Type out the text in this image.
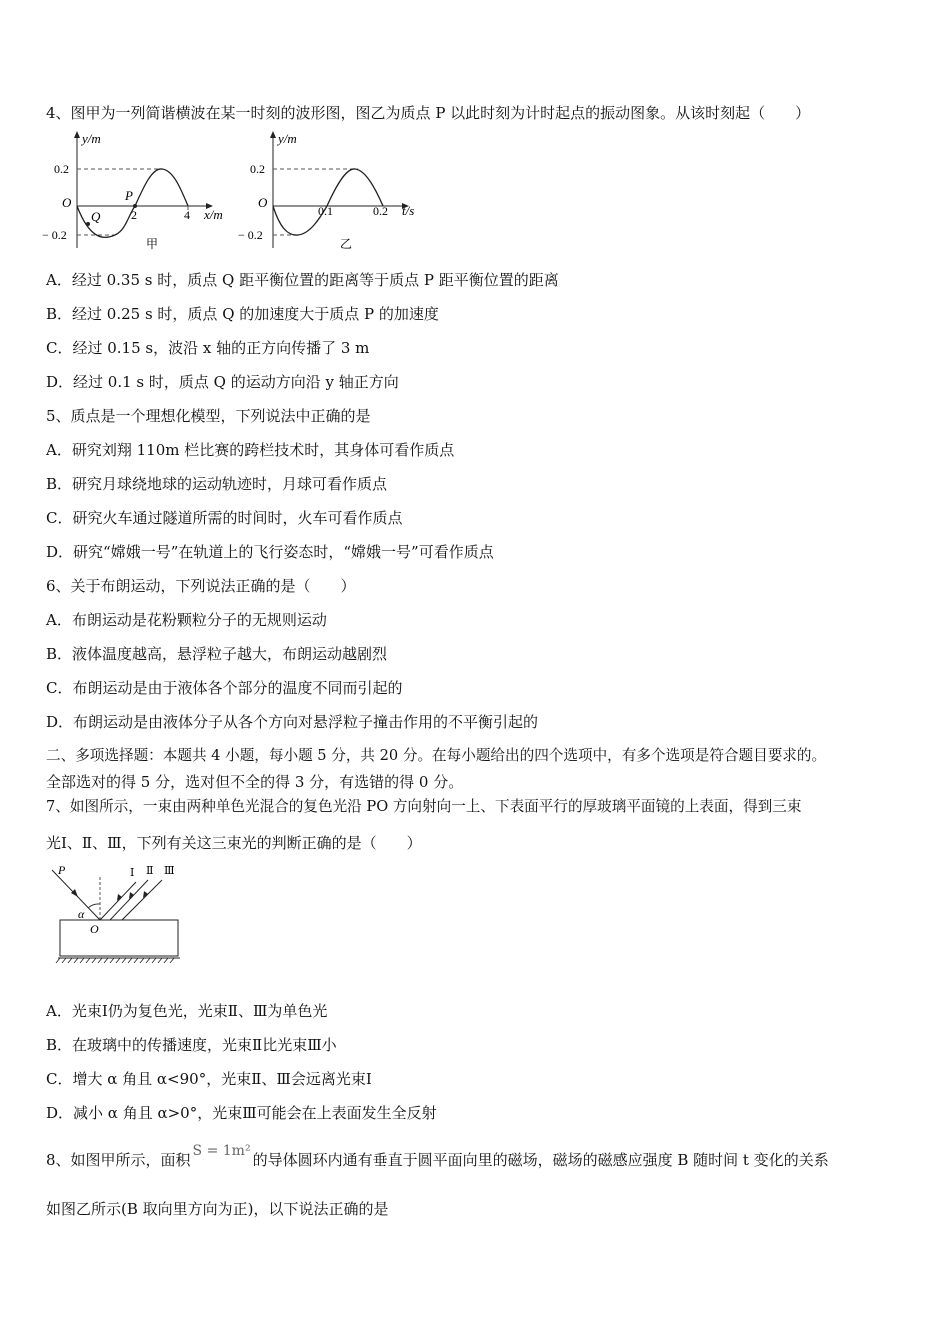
4、图甲为一列简谐横波在某一时刻的波形图，图乙为质点 P 以此时刻为计时起点的振动图象。从该时刻起（　　）
y/m
O
0.2
− 0.2
2	4 x/m
P
Q
甲
y/m
O
0.2
− 0.2
0.1	0.2 t/s
乙
A．经过 0.35 s 时，质点 Q 距平衡位置的距离等于质点 P 距平衡位置的距离
B．经过 0.25 s 时，质点 Q 的加速度大于质点 P 的加速度
C．经过 0.15 s，波沿 x 轴的正方向传播了 3 m
D．经过 0.1 s 时，质点 Q 的运动方向沿 y 轴正方向
5、质点是一个理想化模型，下列说法中正确的是
A．研究刘翔 110m 栏比赛的跨栏技术时，其身体可看作质点
B．研究月球绕地球的运动轨迹时，月球可看作质点
C．研究火车通过隧道所需的时间时，火车可看作质点
D．研究“嫦娥一号”在轨道上的飞行姿态时，“嫦娥一号”可看作质点
6、关于布朗运动，下列说法正确的是（　　）
A．布朗运动是花粉颗粒分子的无规则运动
B．液体温度越高，悬浮粒子越大，布朗运动越剧烈
C．布朗运动是由于液体各个部分的温度不同而引起的
D．布朗运动是由液体分子从各个方向对悬浮粒子撞击作用的不平衡引起的
二、多项选择题：本题共 4 小题，每小题 5 分，共 20 分。在每小题给出的四个选项中，有多个选项是符合题目要求的。
全部选对的得 5 分，选对但不全的得 3 分，有选错的得 0 分。
7、如图所示，一束由两种单色光混合的复色光沿 PO 方向射向一上、下表面平行的厚玻璃平面镜的上表面，得到三束
光Ⅰ、Ⅱ、Ⅲ，下列有关这三束光的判断正确的是（　　）
P
α
O
Ⅰ Ⅱ Ⅲ
A．光束Ⅰ仍为复色光，光束Ⅱ、Ⅲ为单色光
B．在玻璃中的传播速度，光束Ⅱ比光束Ⅲ小
C．增大 α 角且 α<90°，光束Ⅱ、Ⅲ会远离光束Ⅰ
D．减小 α 角且 α>0°，光束Ⅲ可能会在上表面发生全反射
8、如图甲所示，面积 S = 1m² 的导体圆环内通有垂直于圆平面向里的磁场，磁场的磁感应强度 B 随时间 t 变化的关系
如图乙所示(B 取向里方向为正)，以下说法正确的是
